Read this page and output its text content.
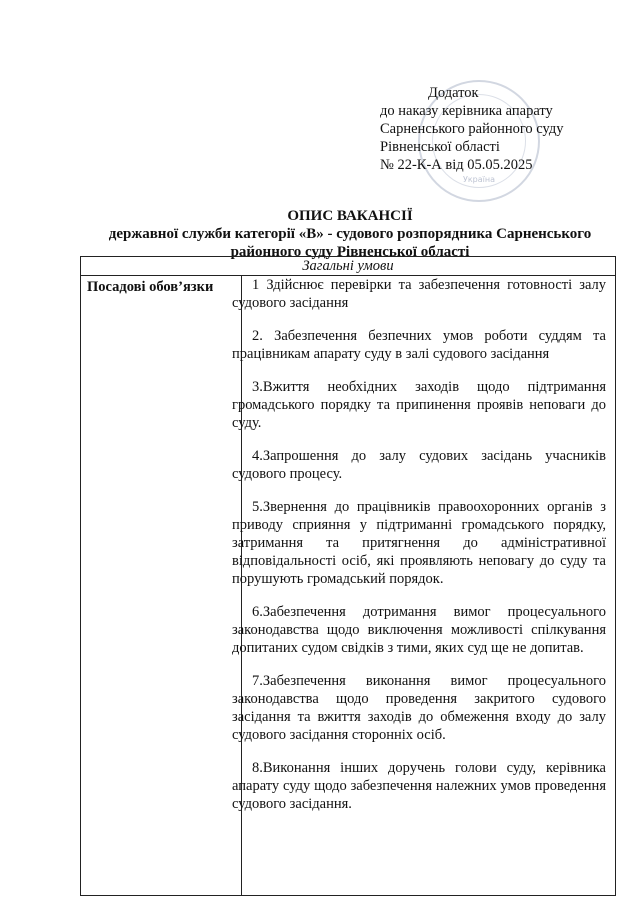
Україна
Додаток
до наказу керівника апарату
Сарненського районного суду
Рівненської області
№ 22-К-А від 05.05.2025
ОПИС ВАКАНСІЇ
державної служби категорії «В» - судового розпорядника Сарненського
районного суду Рівненської області
Загальні умови
Посадові обов’язки	1 Здійснює перевірки та забезпечення готовності залу судового засідання

2. Забезпечення безпечних умов роботи суддям та працівникам апарату суду в залі судового засідання

3.Вжиття необхідних заходів щодо підтримання громадського порядку та припинення проявів неповаги до суду.

4.Запрошення до залу судових засідань учасників судового процесу.

5.Звернення до працівників правоохоронних органів з приводу сприяння у підтриманні громадського порядку, затримання та притягнення до адміністративної відповідальності осіб, які проявляють неповагу до суду та порушують громадський порядок.

6.Забезпечення дотримання вимог процесуального законодавства щодо виключення можливості спілкування допитаних судом свідків з тими, яких суд ще не допитав.

7.Забезпечення виконання вимог процесуального законодавства щодо проведення закритого судового засідання та вжиття заходів до обмеження входу до залу судового засідання сторонніх осіб.

8.Виконання інших доручень голови суду, керівника апарату суду щодо забезпечення належних умов проведення судового засідання.
